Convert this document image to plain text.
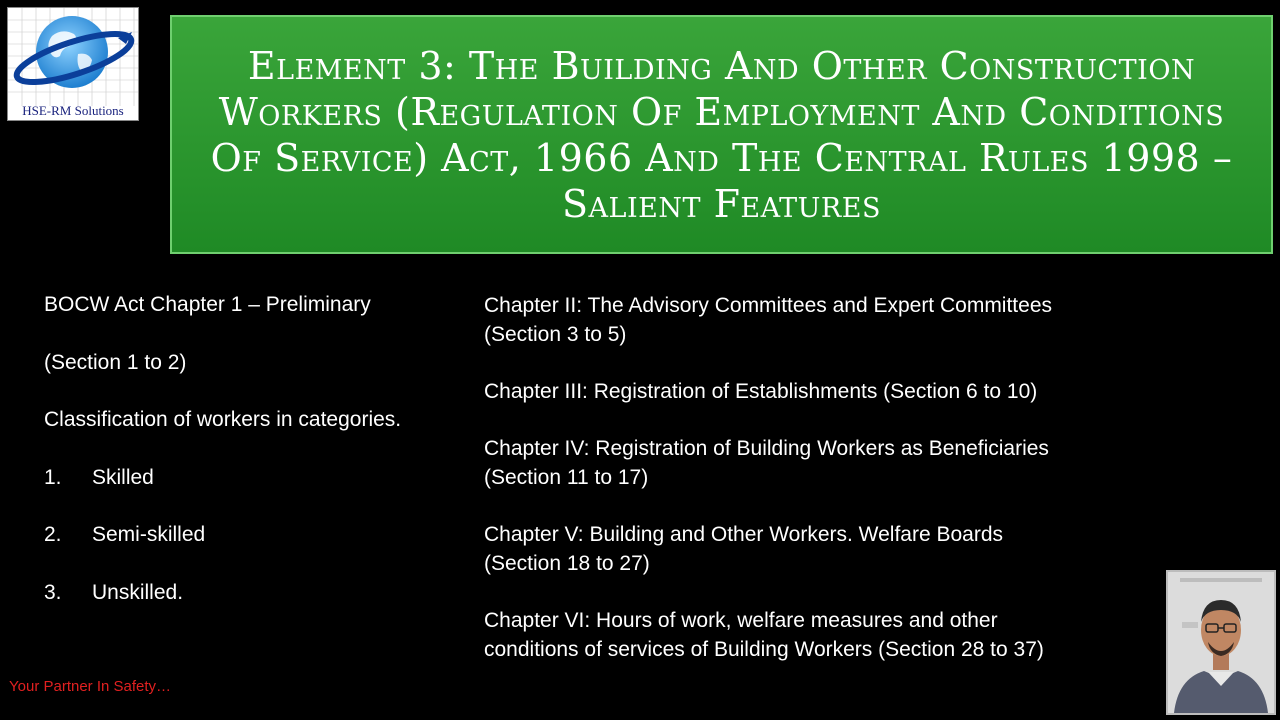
HSE-RM Solutions
Element 3: The Building And Other Construction Workers (Regulation Of Employment And Conditions Of Service) Act, 1966 And The Central Rules 1998 – Salient Features
BOCW Act Chapter 1 – Preliminary
(Section 1 to 2)
Classification of workers in categories.
1. Skilled
2. Semi-skilled
3. Unskilled.
Chapter II: The Advisory Committees and Expert Committees
(Section 3 to 5)
Chapter III: Registration of Establishments (Section 6 to 10)
Chapter IV: Registration of Building Workers as Beneficiaries
(Section 11 to 17)
Chapter V: Building and Other Workers. Welfare Boards
(Section 18 to 27)
Chapter VI: Hours of work, welfare measures and other
conditions of services of Building Workers (Section 28 to 37)
Your Partner In Safety…
